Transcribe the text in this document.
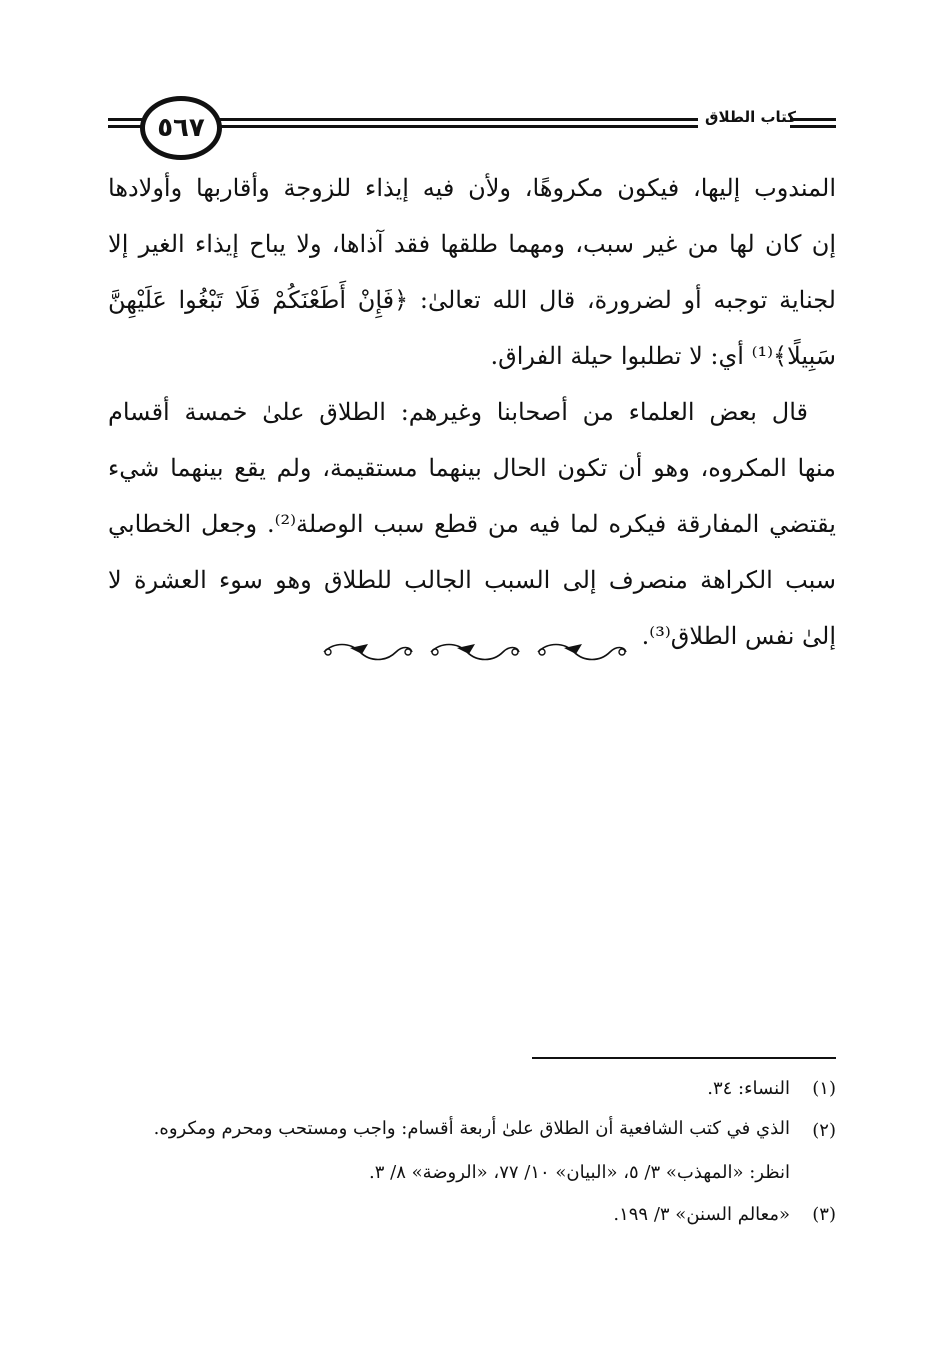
٥٦٧	كتاب الطلاق
المندوب إليها، فيكون مكروهًا، ولأن فيه إيذاء للزوجة وأقاربها وأولادها
إن كان لها من غير سبب، ومهما طلقها فقد آذاها، ولا يباح إيذاء الغير إلا
لجناية توجبه أو لضرورة، قال الله تعالىٰ: ﴿فَإِنْ أَطَعْنَكُمْ فَلَا تَبْغُوا عَلَيْهِنَّ
سَبِيلًا﴾⁽¹⁾ أي: لا تطلبوا حيلة الفراق.
قال بعض العلماء من أصحابنا وغيرهم: الطلاق علىٰ خمسة أقسام
منها المكروه، وهو أن تكون الحال بينهما مستقيمة، ولم يقع بينهما شيء
يقتضي المفارقة فيكره لما فيه من قطع سبب الوصلة⁽²⁾. وجعل الخطابي
سبب الكراهة منصرف إلى السبب الجالب للطلاق وهو سوء العشرة لا
إلىٰ نفس الطلاق⁽³⁾.
(١)
النساء: ٣٤.
(٢)
الذي في كتب الشافعية أن الطلاق علىٰ أربعة أقسام: واجب ومستحب ومحرم ومكروه.
انظر: «المهذب» ٣/ ٥، «البيان» ١٠/ ٧٧، «الروضة» ٨/ ٣.
(٣)
«معالم السنن» ٣/ ١٩٩.
